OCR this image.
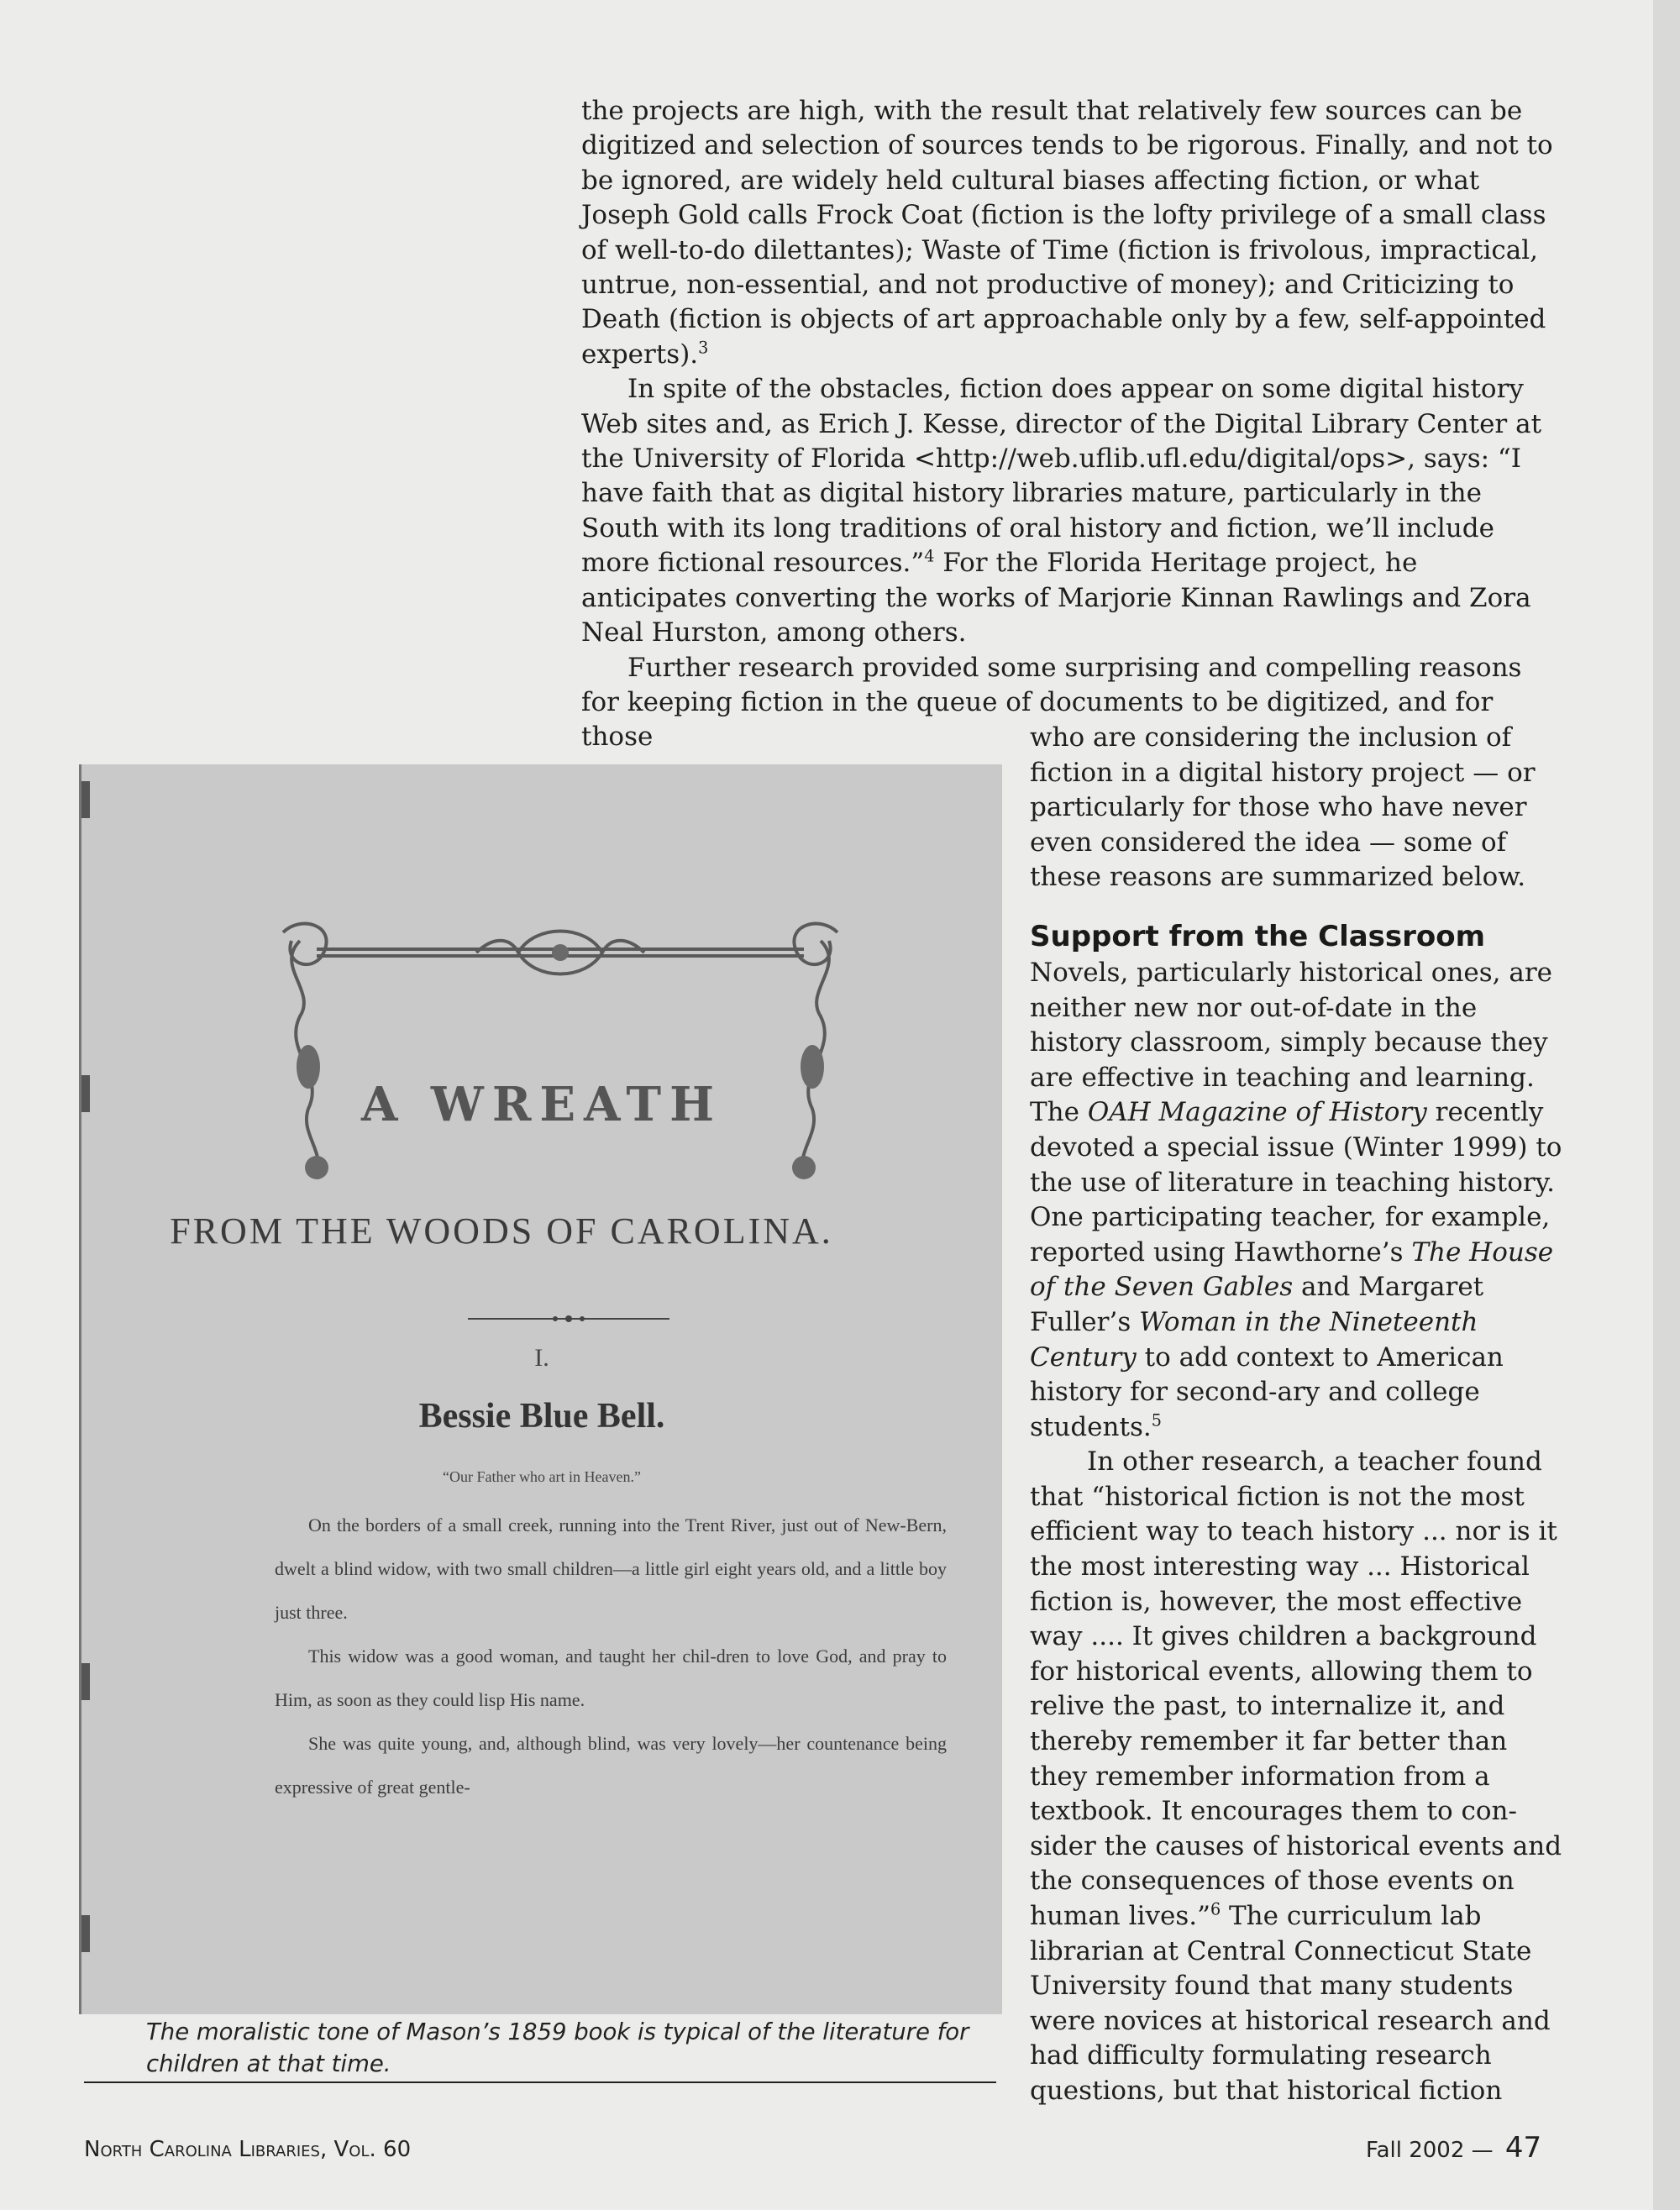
the projects are high, with the result that relatively few sources can be digitized and selection of sources tends to be rigorous. Finally, and not to be ignored, are widely held cultural biases affecting fiction, or what Joseph Gold calls Frock Coat (fiction is the lofty privilege of a small class of well-to-do dilettantes); Waste of Time (fiction is frivolous, impractical, untrue, non-essential, and not productive of money); and Criticizing to Death (fiction is objects of art approachable only by a few, self-appointed experts).$^3$

In spite of the obstacles, fiction does appear on some digital history Web sites and, as Erich J. Kesse, director of the Digital Library Center at the University of Florida <http://web.uflib.ufl.edu/digital/ops>, says: “I have faith that as digital history libraries mature, particularly in the South with its long traditions of oral history and fiction, we’ll include more fictional resources.”$^4$ For the Florida Heritage project, he anticipates converting the works of Marjorie Kinnan Rawlings and Zora Neal Hurston, among others.

Further research provided some surprising and compelling reasons for keeping fiction in the queue of documents to be digitized, and for those	who are considering the inclusion of fiction in a digital history project — or particularly for those who have never even considered the idea — some of these reasons are summarized below.

Support from the Classroom

Novels, particularly historical ones, are neither new nor out-of-date in the history classroom, simply because they are effective in teaching and learning. The OAH Magazine of History recently devoted a special issue (Winter 1999) to the use of literature in teaching history. One participating teacher, for example, reported using Hawthorne’s The House of the Seven Gables and Margaret Fuller’s Woman in the Nineteenth Century to add context to American history for second-ary and college students.$^5$

In other research, a teacher found that “historical fiction is not the most efficient way to teach history ... nor is it the most interesting way ... Historical fiction is, however, the most effective way .... It gives children a background for historical events, allowing them to relive the past, to internalize it, and thereby remember it far better than they remember information from a textbook. It encourages them to con-sider the causes of historical events and the consequences of those events on human lives.”$^6$ The curriculum lab librarian at Central Connecticut State University found that many students were novices at historical research and had difficulty formulating research questions, but that historical fiction

A WREATH
FROM THE WOODS OF CAROLINA.
I.
Bessie Blue Bell.
“Our Father who art in Heaven.”

On the borders of a small creek, running into the Trent River, just out of New-Bern, dwelt a blind widow, with two small children—a little girl eight years old, and a little boy just three.

This widow was a good woman, and taught her chil-dren to love God, and pray to Him, as soon as they could lisp His name.

She was quite young, and, although blind, was very lovely—her countenance being expressive of great gentle-

The moralistic tone of Mason’s 1859 book is typical of the literature for children at that time.
North Carolina Libraries, Vol. 60	Fall 2002 — 47
